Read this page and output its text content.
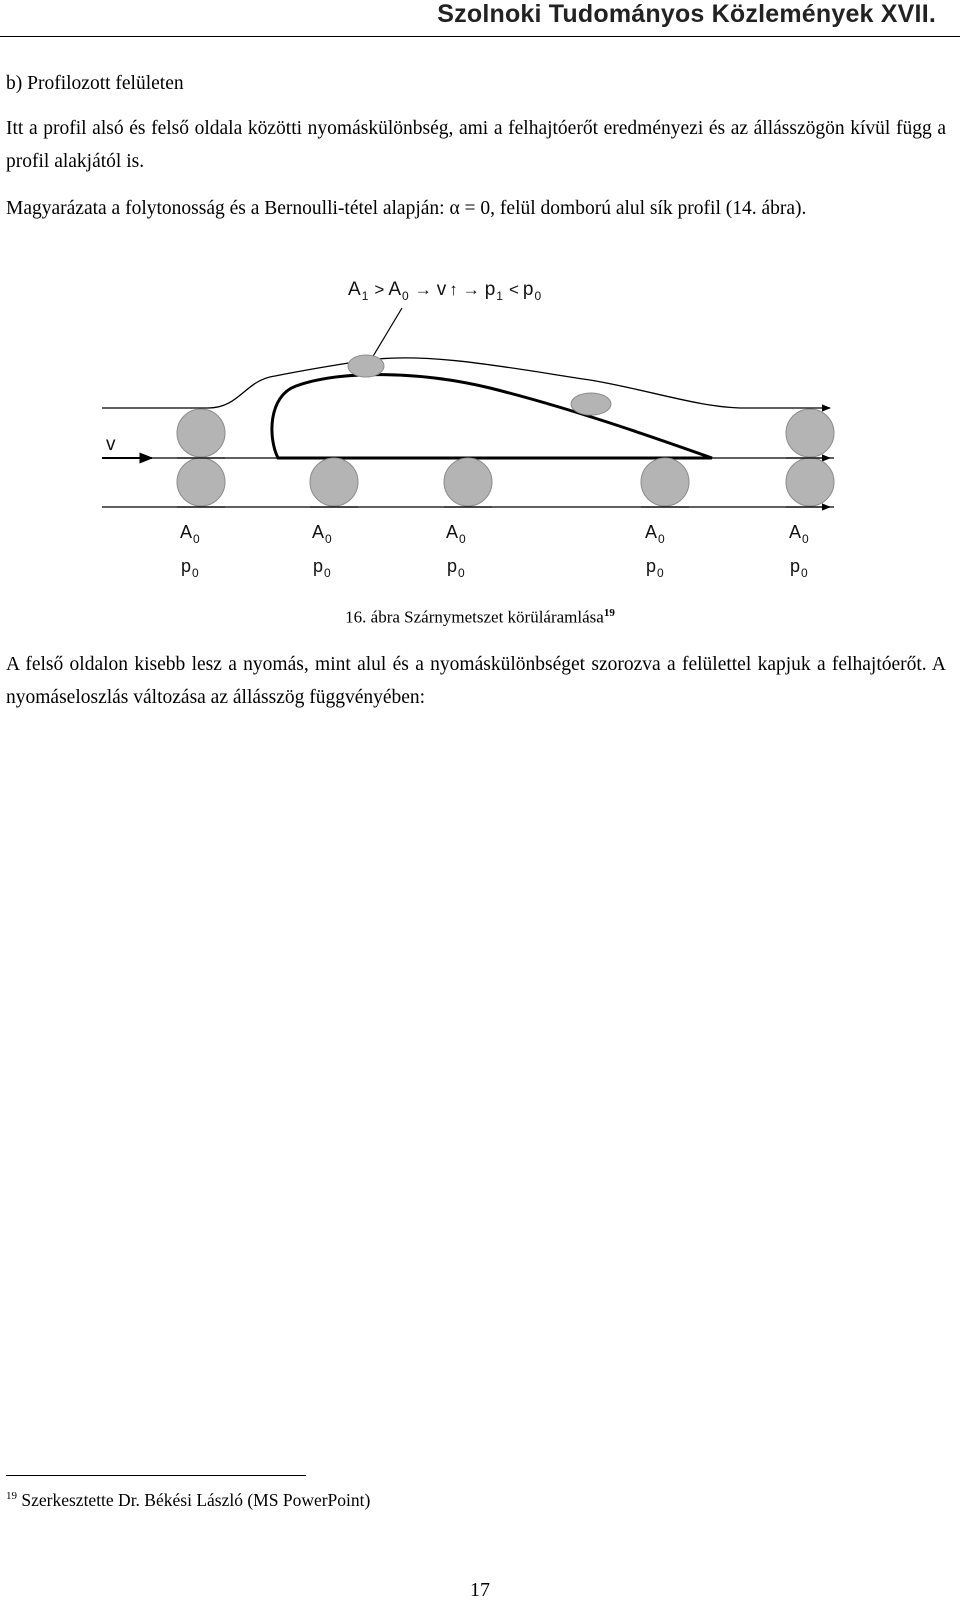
Szolnoki Tudományos Közlemények XVII.
b) Profilozott felületen
Itt a profil alsó és felső oldala közötti nyomáskülönbség, ami a felhajtóerőt eredményezi és az állásszögön kívül függ a profil alakjától is.
Magyarázata a folytonosság és a Bernoulli-tétel alapján: α = 0, felül domború alul sík profil (14. ábra).
$A_1 > A_0 \to v$ ↑ → $p_1 < p_0$
v
$A_0$
$p_0$
$A_0$
$p_0$
$A_0$
$p_0$
$A_0$
$p_0$
$A_0$
$p_0$
16. ábra Szárnymetszet körüláramlása$^{19}$
A felső oldalon kisebb lesz a nyomás, mint alul és a nyomáskülönbséget szorozva a felülettel kapjuk a felhajtóerőt. A nyomáseloszlás változása az állásszög függvényében:
$^{19}$ Szerkesztette Dr. Békési László (MS PowerPoint)
17
